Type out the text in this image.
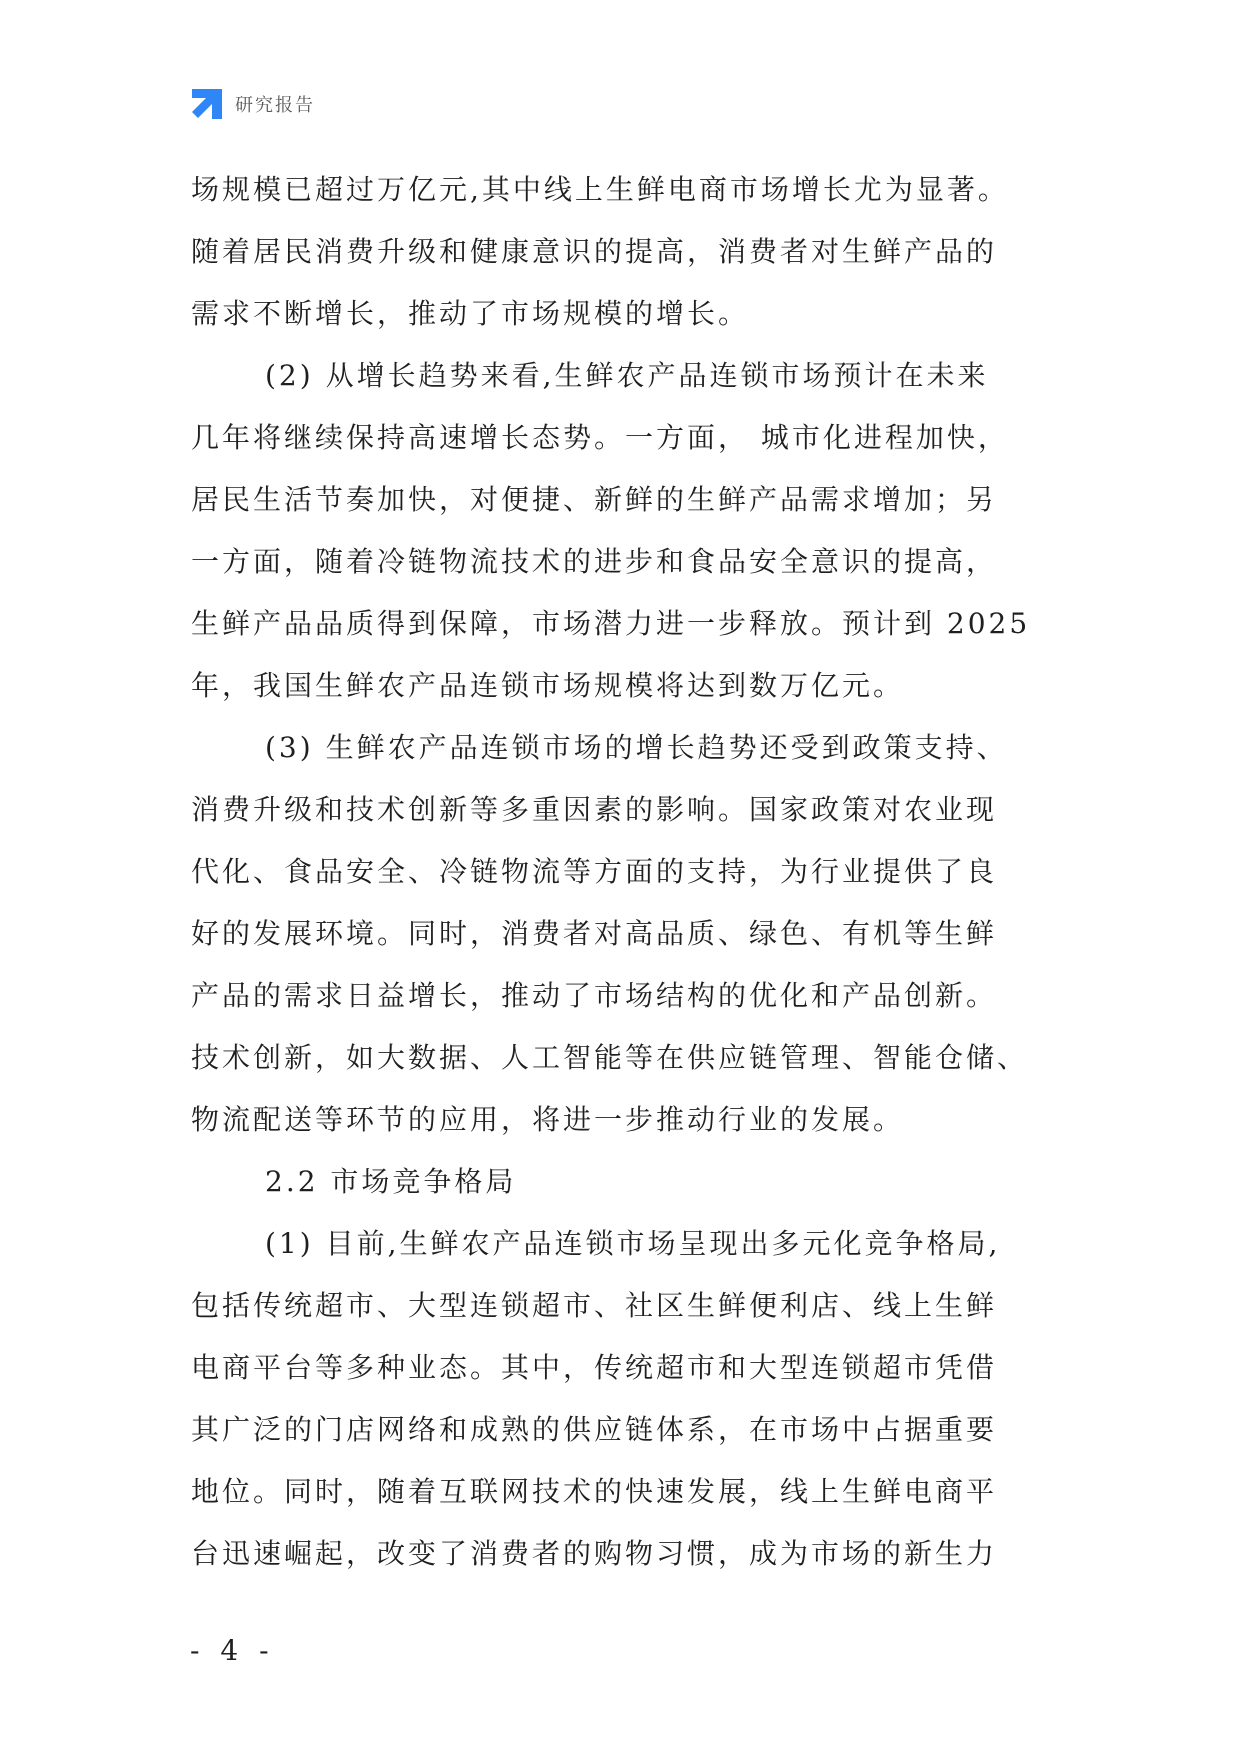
研究报告
场规模已超过万亿元,其中线上生鲜电商市场增长尤为显著。
随着居民消费升级和健康意识的提高，消费者对生鲜产品的
需求不断增长，推动了市场规模的增长。
(2) 从增长趋势来看,生鲜农产品连锁市场预计在未来
几年将继续保持高速增长态势。一方面， 城市化进程加快，
居民生活节奏加快，对便捷、新鲜的生鲜产品需求增加；另
一方面，随着冷链物流技术的进步和食品安全意识的提高，
生鲜产品品质得到保障，市场潜力进一步释放。预计到 2025
年，我国生鲜农产品连锁市场规模将达到数万亿元。
(3) 生鲜农产品连锁市场的增长趋势还受到政策支持、
消费升级和技术创新等多重因素的影响。国家政策对农业现
代化、食品安全、冷链物流等方面的支持，为行业提供了良
好的发展环境。同时，消费者对高品质、绿色、有机等生鲜
产品的需求日益增长，推动了市场结构的优化和产品创新。
技术创新，如大数据、人工智能等在供应链管理、智能仓储、
物流配送等环节的应用，将进一步推动行业的发展。
2.2 市场竞争格局
(1) 目前,生鲜农产品连锁市场呈现出多元化竞争格局,
包括传统超市、大型连锁超市、社区生鲜便利店、线上生鲜
电商平台等多种业态。其中，传统超市和大型连锁超市凭借
其广泛的门店网络和成熟的供应链体系，在市场中占据重要
地位。同时，随着互联网技术的快速发展，线上生鲜电商平
台迅速崛起，改变了消费者的购物习惯，成为市场的新生力
- 4 -
